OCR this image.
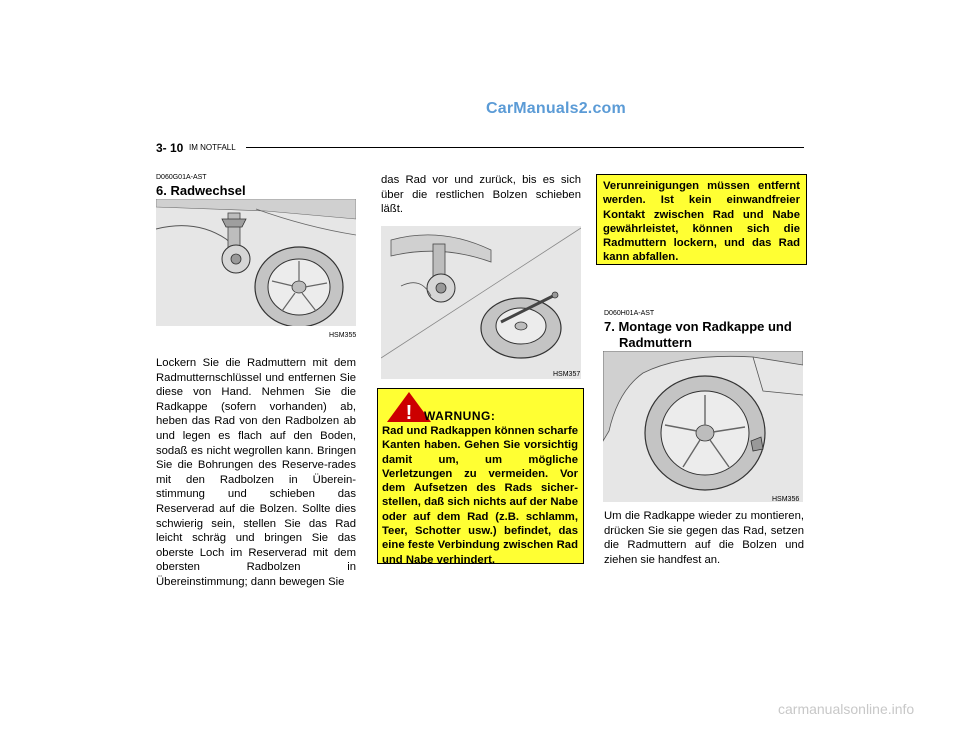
CarManuals2.com
3- 10 IM NOTFALL
D060G01A-AST
6. Radwechsel
HSM355
Lockern Sie die Radmuttern mit dem Radmutternschlüssel und entfernen Sie diese von Hand. Nehmen Sie die Radkappe (sofern vorhanden) ab, heben das Rad von den Radbolzen ab und legen es flach auf den Boden, sodaß es nicht wegrollen kann. Bringen Sie die Bohrungen des Reserve-rades mit den Radbolzen in Überein-stimmung und schieben das Reserverad auf die Bolzen. Sollte dies schwierig sein, stellen Sie das Rad leicht schräg und bringen Sie das oberste Loch im Reserverad mit dem obersten Radbolzen in Übereinstimmung; dann bewegen Sie
das Rad vor und zurück, bis es sich über die restlichen Bolzen schieben läßt.
HSM357
! WARNUNG:
Rad und Radkappen können scharfe Kanten haben. Gehen Sie vorsichtig damit um, um mögliche Verletzungen zu vermeiden. Vor dem Aufsetzen des Rads sicher-stellen, daß sich nichts auf der Nabe oder auf dem Rad (z.B. schlamm, Teer, Schotter usw.) befindet, das eine feste Verbindung zwischen Rad und Nabe verhindert.
Verunreinigungen müssen entfernt werden. Ist kein einwandfreier Kontakt zwischen Rad und Nabe gewährleistet, können sich die Radmuttern lockern, und das Rad kann abfallen.
D060H01A-AST
7. Montage von Radkappe und
Radmuttern
HSM356
Um die Radkappe wieder zu montieren, drücken Sie sie gegen das Rad, setzen die Radmuttern auf die Bolzen und ziehen sie handfest an.
carmanualsonline.info
